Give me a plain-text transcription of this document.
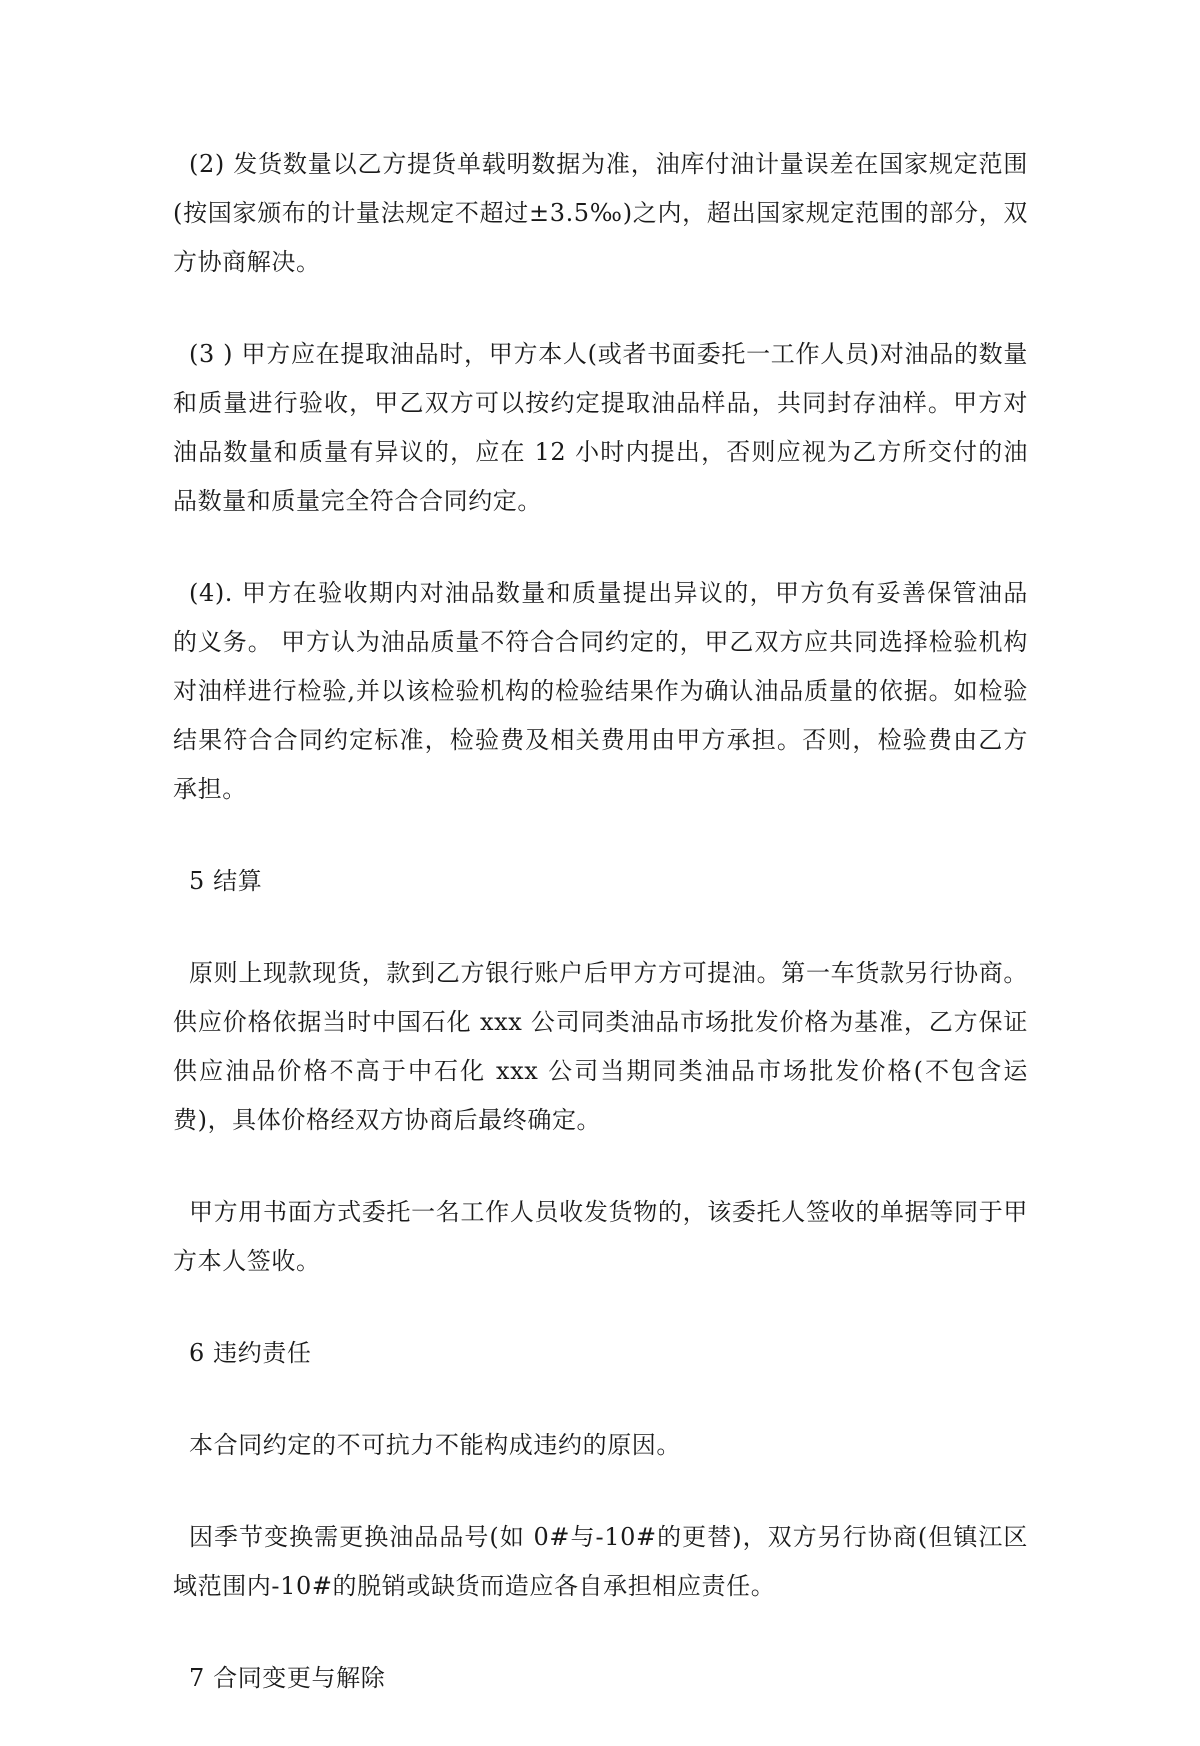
(2) 发货数量以乙方提货单载明数据为准，油库付油计量误差在国家规定范围(按国家颁布的计量法规定不超过±3.5‰)之内，超出国家规定范围的部分，双方协商解决。

(3 ) 甲方应在提取油品时，甲方本人(或者书面委托一工作人员)对油品的数量和质量进行验收，甲乙双方可以按约定提取油品样品，共同封存油样。甲方对油品数量和质量有异议的，应在 12 小时内提出，否则应视为乙方所交付的油品数量和质量完全符合合同约定。

(4). 甲方在验收期内对油品数量和质量提出异议的，甲方负有妥善保管油品的义务。 甲方认为油品质量不符合合同约定的，甲乙双方应共同选择检验机构对油样进行检验,并以该检验机构的检验结果作为确认油品质量的依据。如检验结果符合合同约定标准，检验费及相关费用由甲方承担。否则，检验费由乙方承担。

5 结算

原则上现款现货，款到乙方银行账户后甲方方可提油。第一车货款另行协商。 供应价格依据当时中国石化 xxx 公司同类油品市场批发价格为基准，乙方保证供应油品价格不高于中石化 xxx 公司当期同类油品市场批发价格(不包含运费)，具体价格经双方协商后最终确定。

甲方用书面方式委托一名工作人员收发货物的，该委托人签收的单据等同于甲方本人签收。

6 违约责任

本合同约定的不可抗力不能构成违约的原因。

因季节变换需更换油品品号(如 0#与-10#的更替)，双方另行协商(但镇江区域范围内-10#的脱销或缺货而造应各自承担相应责任。

7 合同变更与解除
